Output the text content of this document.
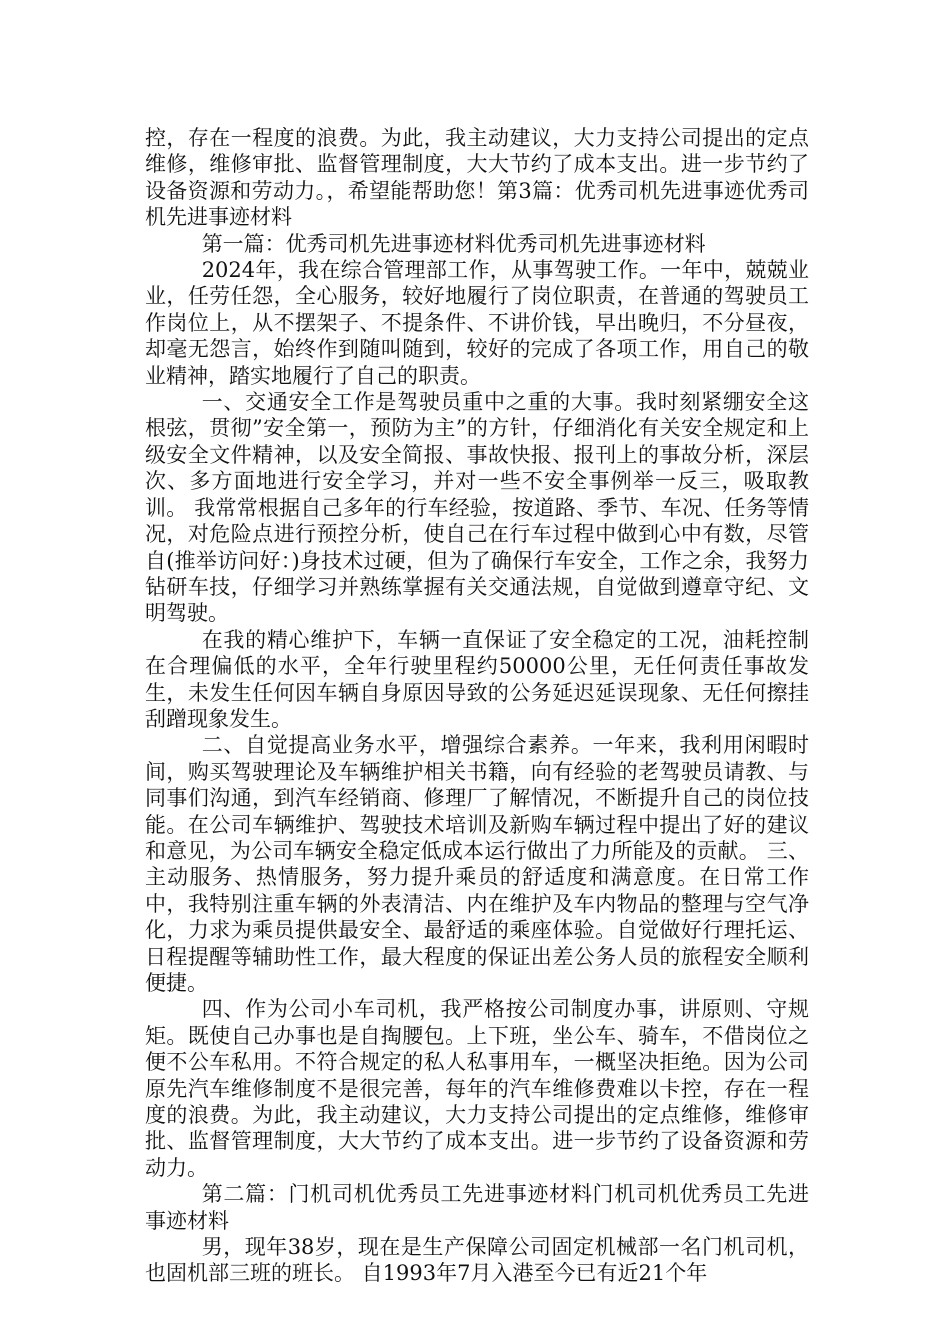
控，存在一程度的浪费。为此，我主动建议，大力支持公司提出的定点维修，维修审批、监督管理制度，大大节约了成本支出。进一步节约了设备资源和劳动力。，希望能帮助您！第3篇：优秀司机先进事迹优秀司机先进事迹材料

第一篇：优秀司机先进事迹材料优秀司机先进事迹材料

2024年，我在综合管理部工作，从事驾驶工作。一年中，兢兢业业，任劳任怨，全心服务，较好地履行了岗位职责，在普通的驾驶员工作岗位上，从不摆架子、不提条件、不讲价钱，早出晚归，不分昼夜，却毫无怨言，始终作到随叫随到，较好的完成了各项工作，用自己的敬业精神，踏实地履行了自己的职责。

一、交通安全工作是驾驶员重中之重的大事。我时刻紧绷安全这根弦，贯彻”安全第一，预防为主”的方针，仔细消化有关安全规定和上级安全文件精神，以及安全简报、事故快报、报刊上的事故分析，深层次、多方面地进行安全学习，并对一些不安全事例举一反三，吸取教训。 我常常根据自己多年的行车经验，按道路、季节、车况、任务等情况，对危险点进行预控分析，使自己在行车过程中做到心中有数，尽管自(推举访问好：)身技术过硬，但为了确保行车安全，工作之余，我努力钻研车技，仔细学习并熟练掌握有关交通法规，自觉做到遵章守纪、文明驾驶。

在我的精心维护下，车辆一直保证了安全稳定的工况，油耗控制在合理偏低的水平，全年行驶里程约50000公里，无任何责任事故发生，未发生任何因车辆自身原因导致的公务延迟延误现象、无任何擦挂刮蹭现象发生。

二、自觉提高业务水平，增强综合素养。一年来，我利用闲暇时间，购买驾驶理论及车辆维护相关书籍，向有经验的老驾驶员请教、与同事们沟通，到汽车经销商、修理厂了解情况，不断提升自己的岗位技能。在公司车辆维护、驾驶技术培训及新购车辆过程中提出了好的建议和意见，为公司车辆安全稳定低成本运行做出了力所能及的贡献。 三、主动服务、热情服务，努力提升乘员的舒适度和满意度。在日常工作中，我特别注重车辆的外表清洁、内在维护及车内物品的整理与空气净化，力求为乘员提供最安全、最舒适的乘座体验。自觉做好行理托运、日程提醒等辅助性工作，最大程度的保证出差公务人员的旅程安全顺利便捷。

四、作为公司小车司机，我严格按公司制度办事，讲原则、守规矩。既使自己办事也是自掏腰包。上下班，坐公车、骑车，不借岗位之便不公车私用。不符合规定的私人私事用车，一概坚决拒绝。因为公司原先汽车维修制度不是很完善，每年的汽车维修费难以卡控，存在一程度的浪费。为此，我主动建议，大力支持公司提出的定点维修，维修审批、监督管理制度，大大节约了成本支出。进一步节约了设备资源和劳动力。

第二篇：门机司机优秀员工先进事迹材料门机司机优秀员工先进事迹材料

男，现年38岁，现在是生产保障公司固定机械部一名门机司机，也固机部三班的班长。 自1993年7月入港至今已有近21个年
